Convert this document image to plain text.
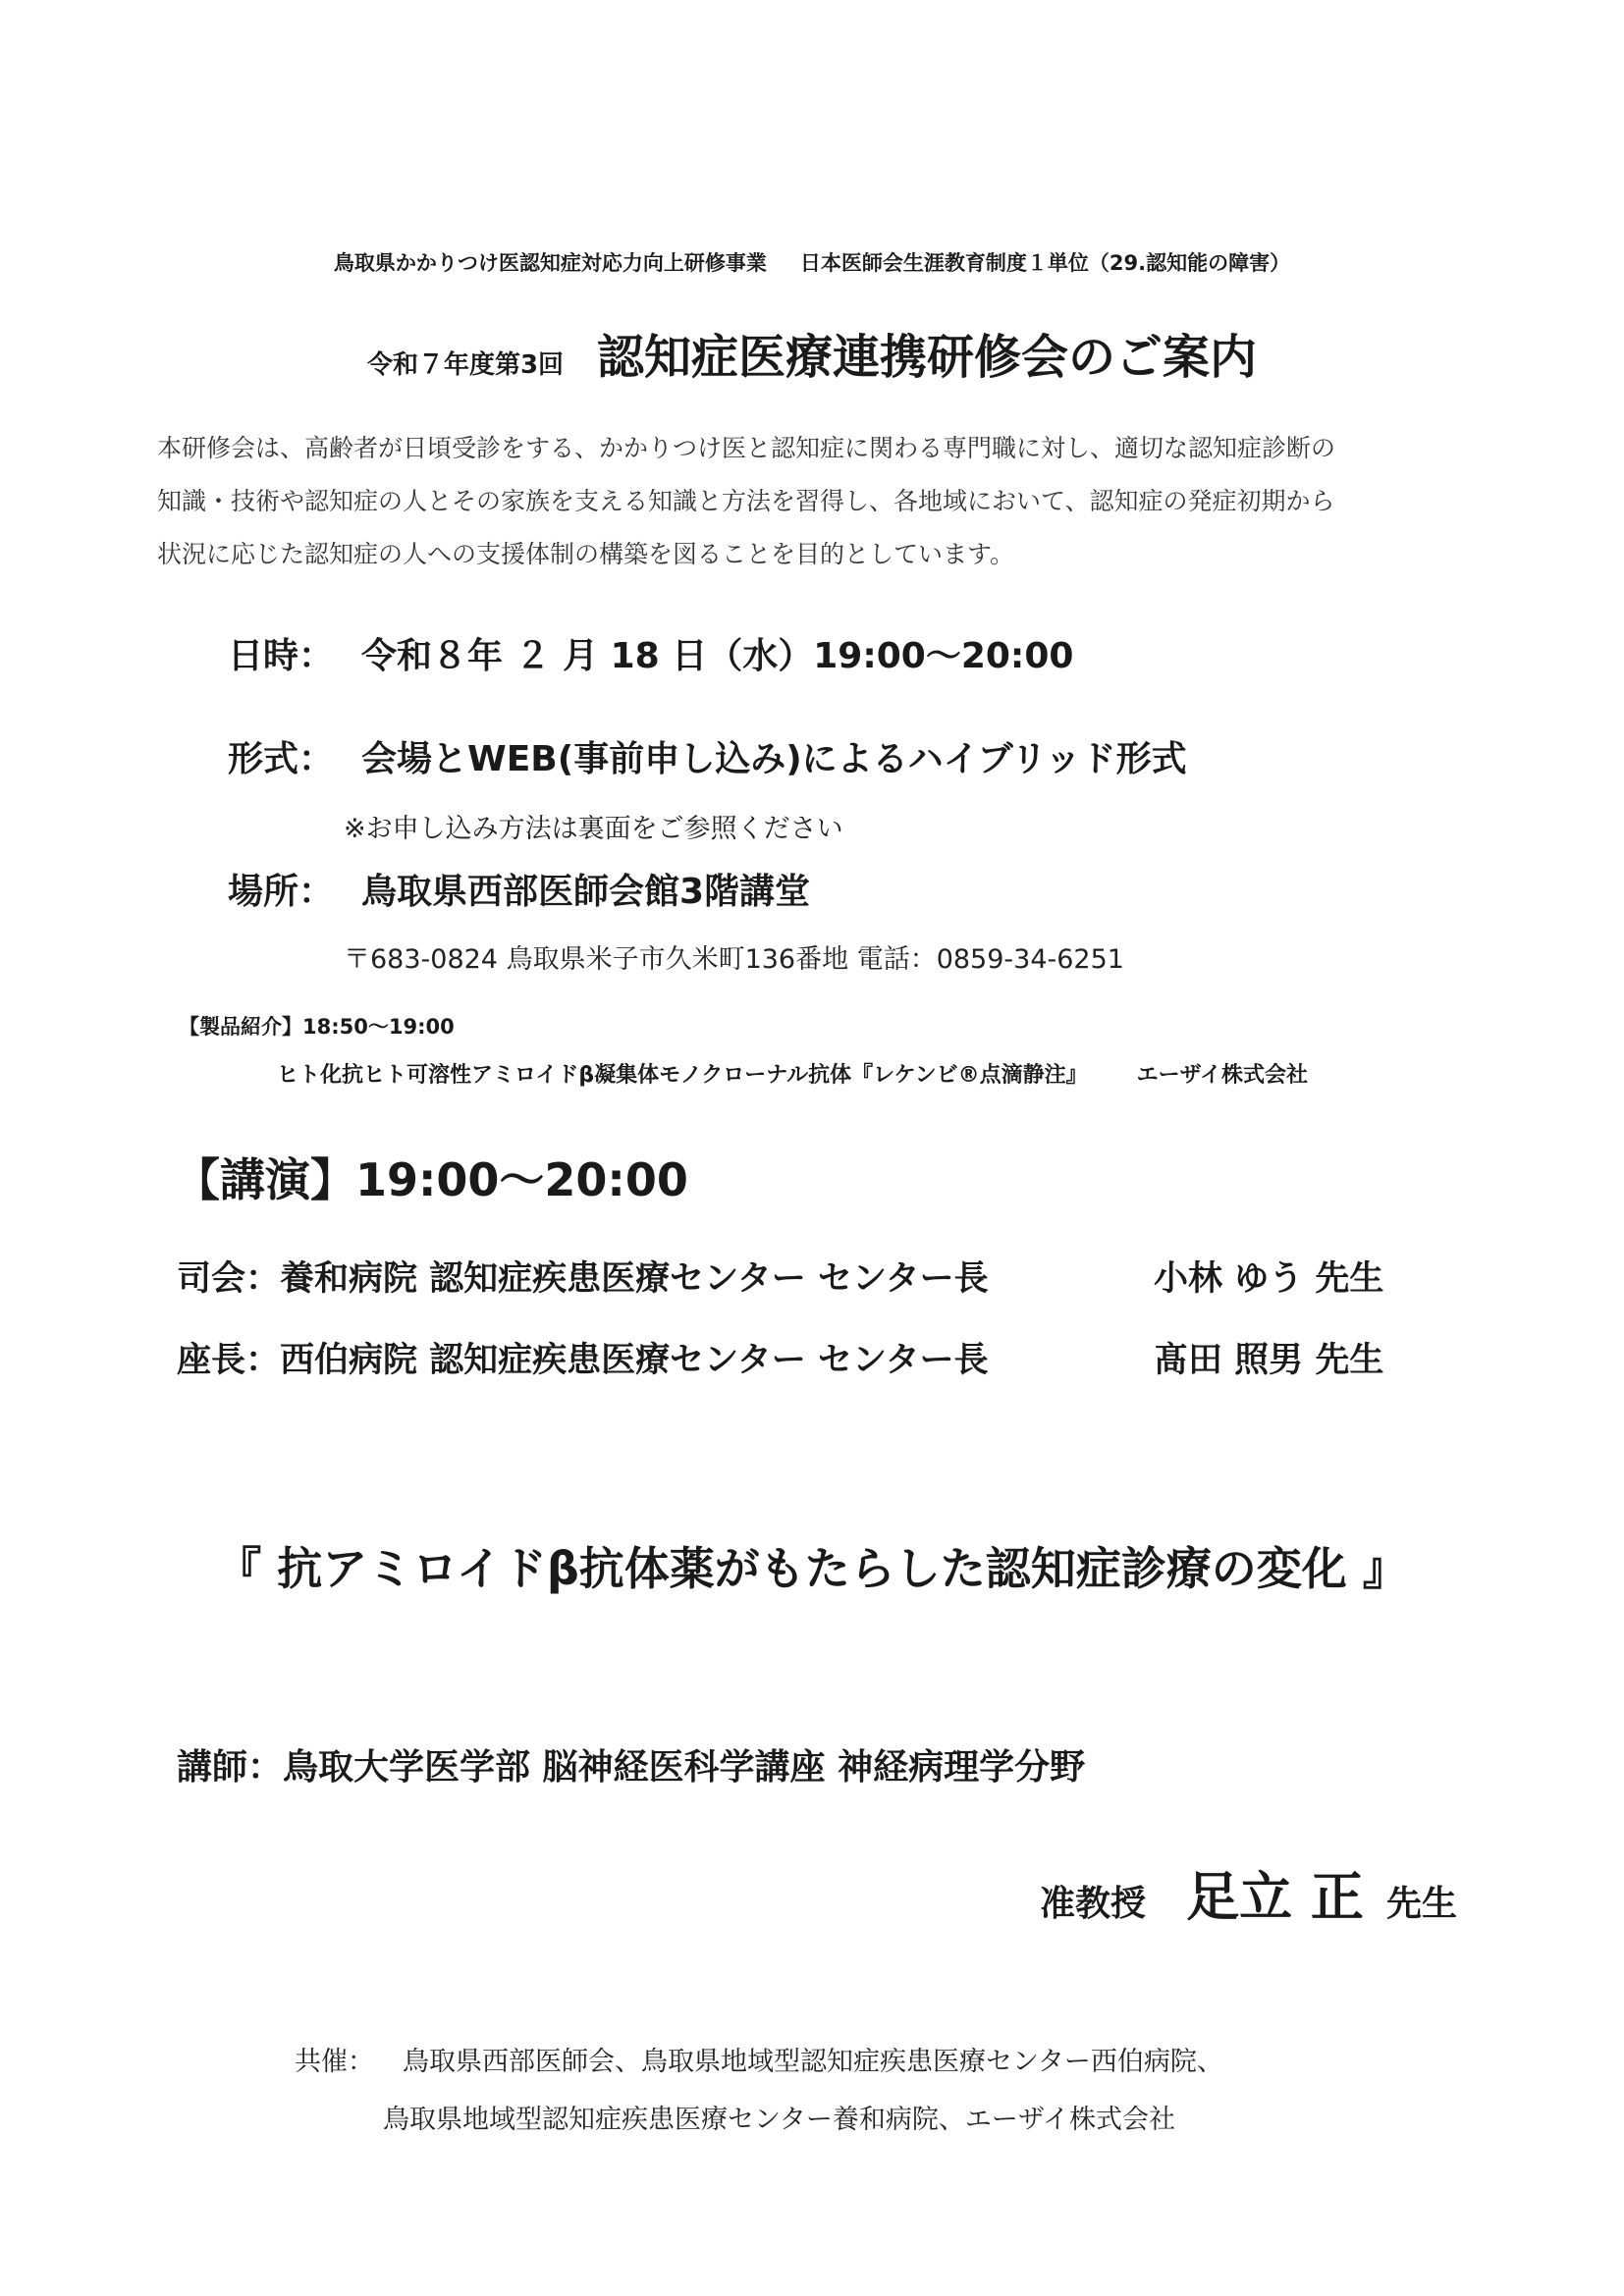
鳥取県かかりつけ医認知症対応力向上研修事業 日本医師会生涯教育制度１単位（29.認知能の障害）
令和７年度第3回 認知症医療連携研修会のご案内
本研修会は、高齢者が日頃受診をする、かかりつけ医と認知症に関わる専門職に対し、適切な認知症診断の
知識・技術や認知症の人とその家族を支える知識と方法を習得し、各地域において、認知症の発症初期から
状況に応じた認知症の人への支援体制の構築を図ることを目的としています。
日時： 令和８年 ２ 月 18 日（水）19:00～20:00
形式： 会場とWEB(事前申し込み)によるハイブリッド形式
※お申し込み方法は裏面をご参照ください
場所： 鳥取県西部医師会館3階講堂
〒683-0824 鳥取県米子市久米町136番地 電話：0859-34-6251
【製品紹介】18:50～19:00
ヒト化抗ヒト可溶性アミロイドβ凝集体モノクローナル抗体『レケンビ®点滴静注』 エーザイ株式会社
【講演】19:00～20:00
司会：養和病院 認知症疾患医療センター センター長	小林 ゆう 先生
座長：西伯病院 認知症疾患医療センター センター長	髙田 照男 先生
『 抗アミロイドβ抗体薬がもたらした認知症診療の変化 』
講師：鳥取大学医学部 脳神経医科学講座 神経病理学分野
准教授 足立 正 先生
共催： 鳥取県西部医師会、鳥取県地域型認知症疾患医療センター西伯病院、
鳥取県地域型認知症疾患医療センター養和病院、エーザイ株式会社
